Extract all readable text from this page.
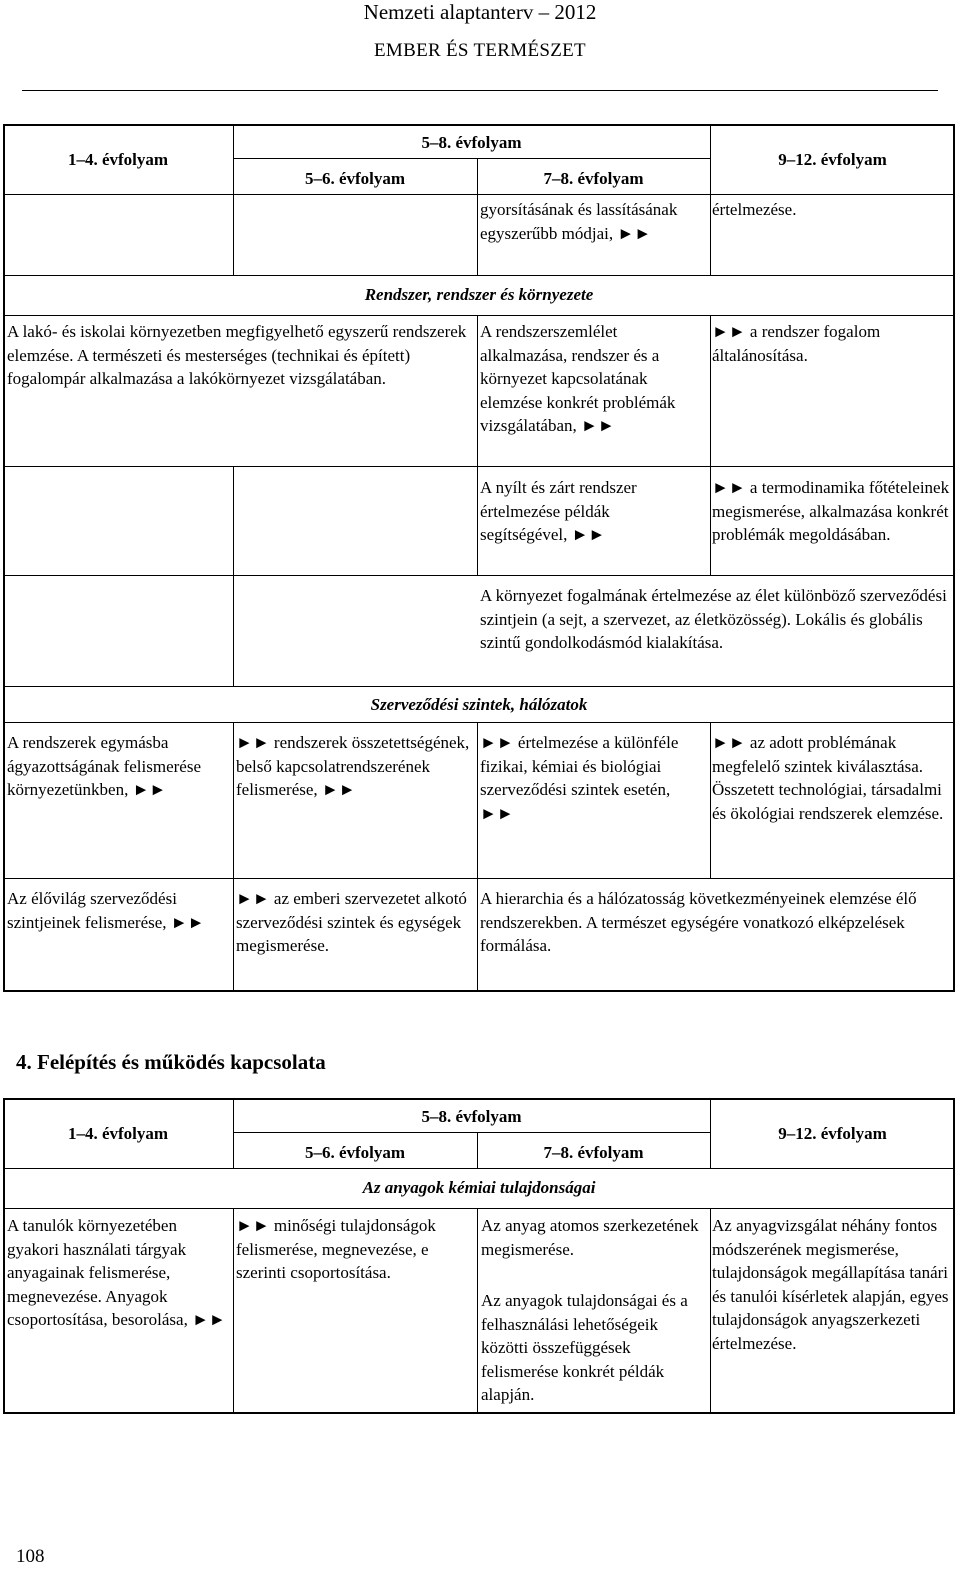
Nemzeti alaptanterv – 2012
EMBER ÉS TERMÉSZET
1–4. évfolyam
5–8. évfolyam
5–6. évfolyam	7–8. évfolyam
9–12. évfolyam
gyorsításának és lassításának egyszerűbb módjai, ►►
értelmezése.
Rendszer, rendszer és környezete
A lakó- és iskolai környezetben megfigyelhető egyszerű rendszerek elemzése. A természeti és mesterséges (technikai és épített) fogalompár alkalmazása a lakókörnyezet vizsgálatában.
A rendszerszemlélet alkalmazása, rendszer és a környezet kapcsolatának elemzése konkrét problémák vizsgálatában, ►►
►► a rendszer fogalom általánosítása.
A nyílt és zárt rendszer értelmezése példák segítségével, ►►
►► a termodinamika főtételeinek megismerése, alkalmazása konkrét problémák megoldásában.
A környezet fogalmának értelmezése az élet különböző szerveződési szintjein (a sejt, a szervezet, az életközösség). Lokális és globális szintű gondolkodásmód kialakítása.
Szerveződési szintek, hálózatok
A rendszerek egymásba ágyazottságának felismerése környezetünkben, ►►
►► rendszerek összetettségének, belső kapcsolatrendszerének felismerése, ►►
►► értelmezése a különféle fizikai, kémiai és biológiai szerveződési szintek esetén, ►►
►► az adott problémának megfelelő szintek kiválasztása. Összetett technológiai, társadalmi és ökológiai rendszerek elemzése.
Az élővilág szerveződési szintjeinek felismerése, ►►
►► az emberi szervezetet alkotó szerveződési szintek és egységek megismerése.
A hierarchia és a hálózatosság következményeinek elemzése élő rendszerekben. A természet egységére vonatkozó elképzelések formálása.
4. Felépítés és működés kapcsolata
1–4. évfolyam
5–8. évfolyam
5–6. évfolyam	7–8. évfolyam
9–12. évfolyam
Az anyagok kémiai tulajdonságai
A tanulók környezetében gyakori használati tárgyak anyagainak felismerése, megnevezése. Anyagok csoportosítása, besorolása, ►►
►► minőségi tulajdonságok felismerése, megnevezése, e szerinti csoportosítása.
Az anyag atomos szerkezetének megismerése.
Az anyagok tulajdonságai és a felhasználási lehetőségeik közötti összefüggések felismerése konkrét példák alapján.
Az anyagvizsgálat néhány fontos módszerének megismerése, tulajdonságok megállapítása tanári és tanulói kísérletek alapján, egyes tulajdonságok anyagszerkezeti értelmezése.
108
